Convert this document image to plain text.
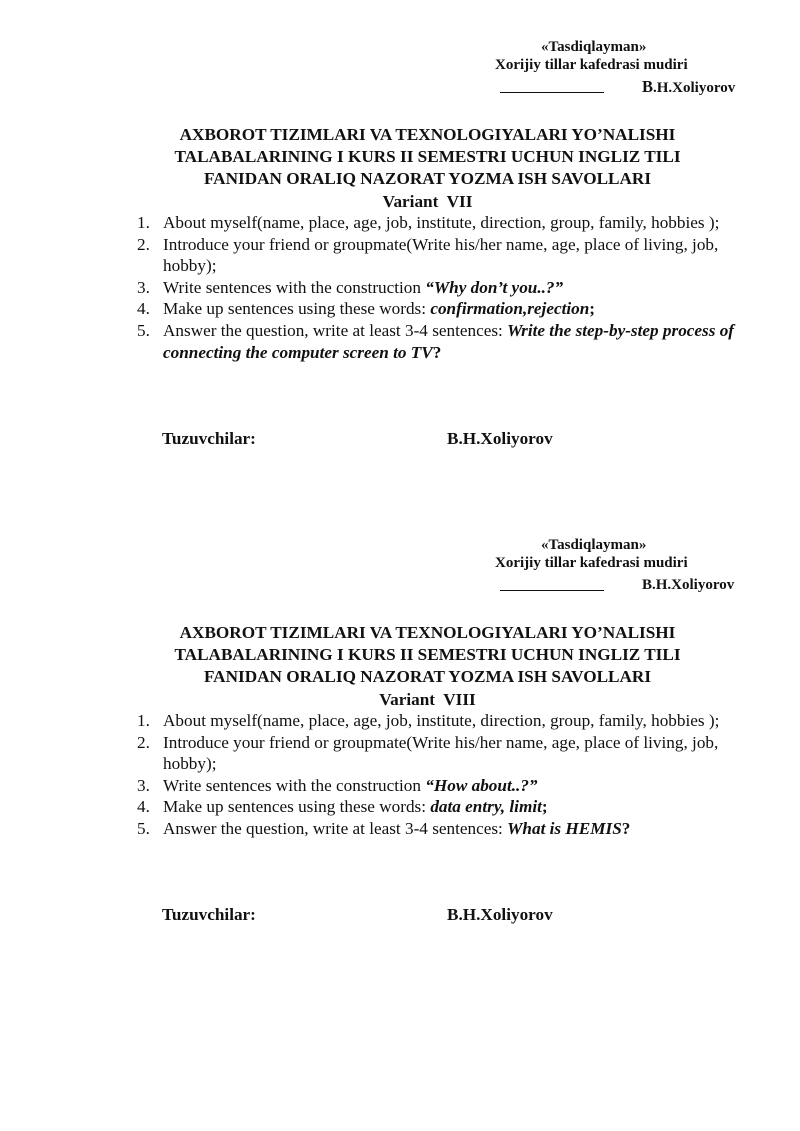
«Tasdiqlayman»
Xorijiy tillar kafedrasi mudiri
B.H.Xoliyorov
AXBOROT TIZIMLARI VA TEXNOLOGIYALARI YO’NALISHI
TALABALARINING I KURS II SEMESTRI UCHUN INGLIZ TILI
FANIDAN ORALIQ NAZORAT YOZMA ISH SAVOLLARI
Variant  VII
1. About myself(name, place, age, job, institute, direction, group, family, hobbies );
2. Introduce your friend or groupmate(Write his/her name, age, place of living, job, hobby);
3. Write sentences with the construction “Why don’t you..?”
4. Make up sentences using these words: confirmation,rejection;
5. Answer the question, write at least 3-4 sentences: Write the step-by-step process of connecting the computer screen to TV?
Tuzuvchilar:	B.H.Xoliyorov
«Tasdiqlayman»
Xorijiy tillar kafedrasi mudiri
B.H.Xoliyorov
AXBOROT TIZIMLARI VA TEXNOLOGIYALARI YO’NALISHI
TALABALARINING I KURS II SEMESTRI UCHUN INGLIZ TILI
FANIDAN ORALIQ NAZORAT YOZMA ISH SAVOLLARI
Variant  VIII
1. About myself(name, place, age, job, institute, direction, group, family, hobbies );
2. Introduce your friend or groupmate(Write his/her name, age, place of living, job, hobby);
3. Write sentences with the construction “How about..?”
4. Make up sentences using these words: data entry, limit;
5. Answer the question, write at least 3-4 sentences: What is HEMIS?
Tuzuvchilar:	B.H.Xoliyorov
